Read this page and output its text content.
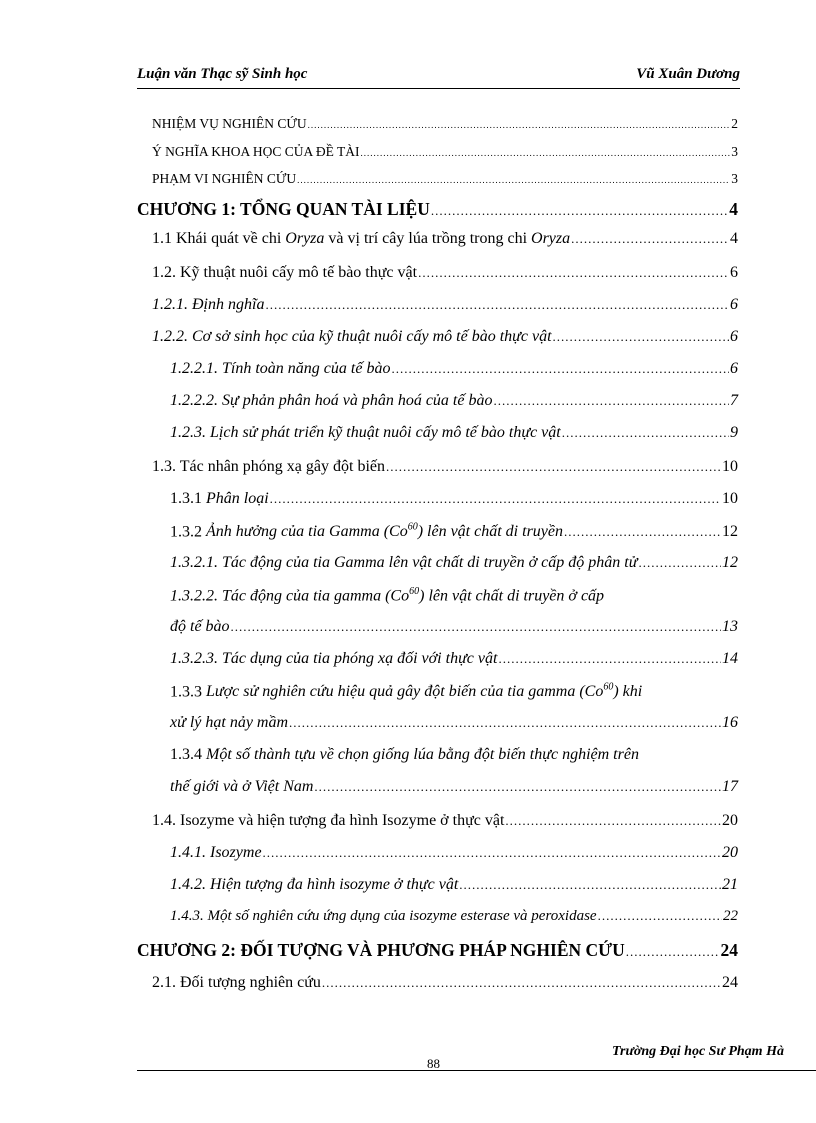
Luận văn Thạc sỹ Sinh học	Vũ Xuân Dương
NHIỆM VỤ NGHIÊN CỨU .....	2
Ý NGHĨA KHOA HỌC CỦA ĐỀ TÀI .....	3
PHẠM VI NGHIÊN CỨU .....	3
CHƯƠNG 1: TỔNG QUAN TÀI LIỆU .....	4
1.1 Khái quát về chi Oryza và vị trí cây lúa trồng trong chi Oryza .....	4
1.2. Kỹ thuật nuôi cấy mô tế bào thực vật .....	6
1.2.1. Định nghĩa .....	6
1.2.2. Cơ sở sinh học của kỹ thuật nuôi cấy mô tế bào thực vật .....	6
1.2.2.1. Tính toàn năng của tế bào .....	6
1.2.2.2. Sự phản phân hoá và phân hoá của tế bào .....	7
1.2.3. Lịch sử phát triển kỹ thuật nuôi cấy mô tế bào thực vật .....	9
1.3. Tác nhân phóng xạ gây đột biến .....	10
1.3.1 Phân loại .....	10
1.3.2 Ảnh hưởng của tia Gamma (Co$^{60}$) lên vật chất di truyền .....	12
1.3.2.1. Tác động của tia Gamma lên vật chất di truyền ở cấp độ phân tử .....	12
1.3.2.2. Tác động của tia gamma (Co$^{60}$) lên vật chất di truyền ở cấp
độ tế bào .....	13
1.3.2.3. Tác dụng của tia phóng xạ đối với thực vật .....	14
1.3.3 Lược sử nghiên cứu hiệu quả gây đột biến của tia gamma (Co$^{60}$) khi
xử lý hạt nảy mầm .....	16
1.3.4 Một số thành tựu về chọn giống lúa bằng đột biến thực nghiệm trên
thế giới và ở Việt Nam .....	17
1.4. Isozyme và hiện tượng đa hình Isozyme ở thực vật .....	20
1.4.1. Isozyme .....	20
1.4.2. Hiện tượng đa hình isozyme ở thực vật .....	21
1.4.3. Một số nghiên cứu ứng dụng của isozyme esterase và peroxidase .....	22
CHƯƠNG 2: ĐỐI TƯỢNG VÀ PHƯƠNG PHÁP NGHIÊN CỨU .....	24
2.1. Đối tượng nghiên cứu .....	24
Trường Đại học Sư Phạm Hà
88
